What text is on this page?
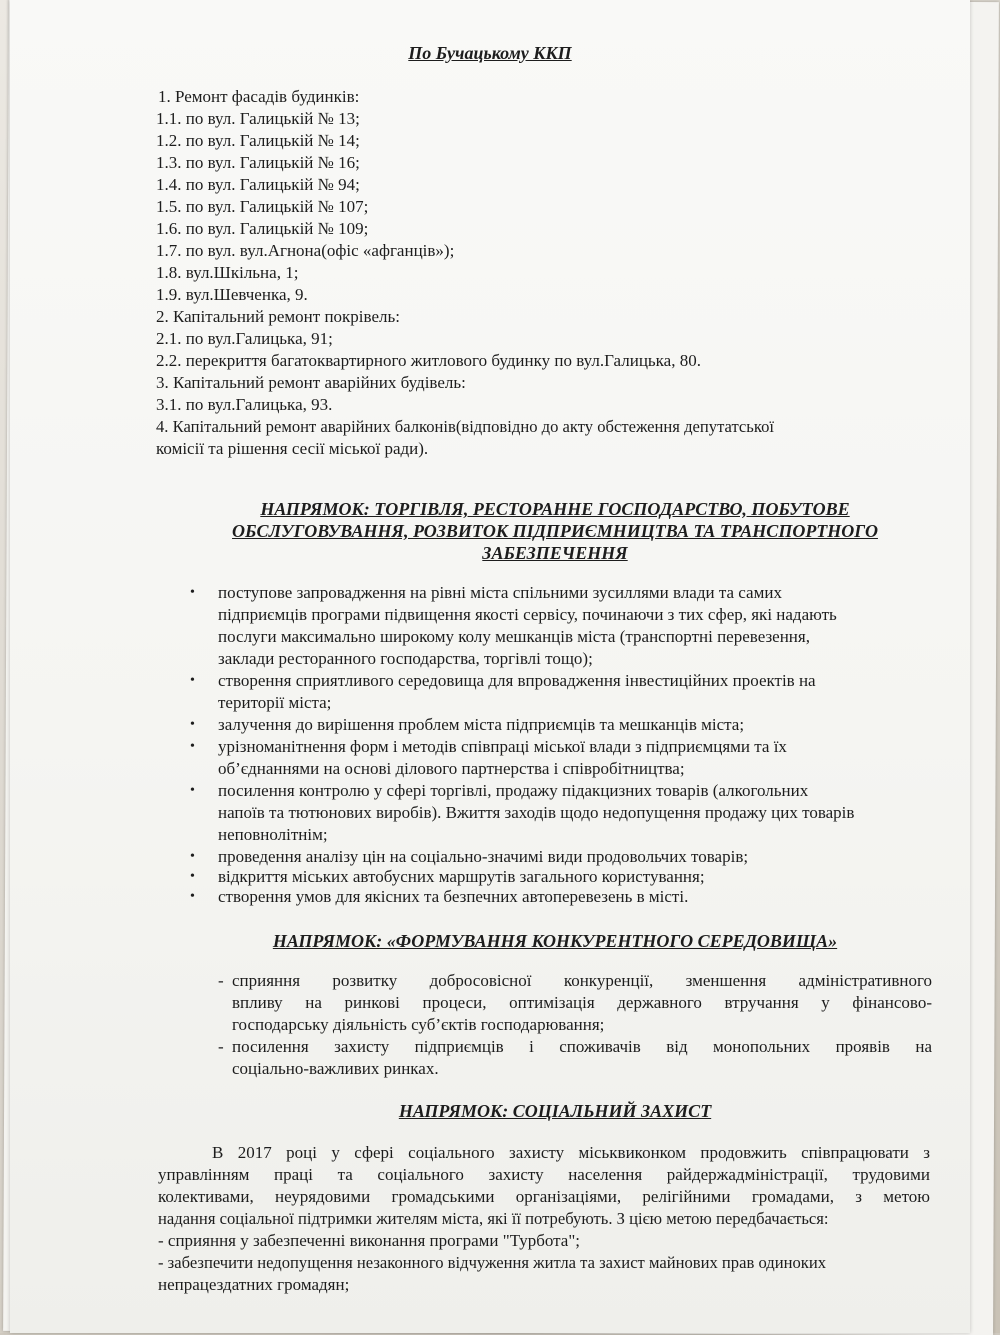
По Бучацькому ККП
1. Ремонт фасадів будинків:
1.1. по вул. Галицькій № 13;
1.2. по вул. Галицькій № 14;
1.3. по вул. Галицькій № 16;
1.4. по вул. Галицькій № 94;
1.5. по вул. Галицькій № 107;
1.6. по вул. Галицькій № 109;
1.7. по вул. вул.Агнона(офіс «афганців»);
1.8. вул.Шкільна, 1;
1.9. вул.Шевченка, 9.
2. Капітальний ремонт покрівель:
2.1. по вул.Галицька, 91;
2.2. перекриття багатоквартирного житлового будинку по вул.Галицька, 80.
3. Капітальний ремонт аварійних будівель:
3.1. по вул.Галицька, 93.
4. Капітальний ремонт аварійних балконів(відповідно до акту обстеження депутатської
комісії та рішення сесії міської ради).
НАПРЯМОК: ТОРГІВЛЯ, РЕСТОРАННЕ ГОСПОДАРСТВО, ПОБУТОВЕ
ОБСЛУГОВУВАННЯ, РОЗВИТОК ПІДПРИЄМНИЦТВА ТА ТРАНСПОРТНОГО
ЗАБЕЗПЕЧЕННЯ
• поступове запровадження на рівні міста спільними зусиллями влади та самих
підприємців програми підвищення якості сервісу, починаючи з тих сфер, які надають
послуги максимально широкому колу мешканців міста (транспортні перевезення,
заклади ресторанного господарства, торгівлі тощо);
• створення сприятливого середовища для впровадження інвестиційних проектів на
території міста;
• залучення до вирішення проблем міста підприємців та мешканців міста;
• урізноманітнення форм і методів співпраці міської влади з підприємцями та їх
об’єднаннями на основі ділового партнерства і співробітництва;
• посилення контролю у сфері торгівлі, продажу підакцизних товарів (алкогольних
напоїв та тютюнових виробів). Вжиття заходів щодо недопущення продажу цих товарів
неповнолітнім;
• проведення аналізу цін на соціально-значимі види продовольчих товарів;
• відкриття міських автобусних маршрутів загального користування;
• створення умов для якісних та безпечних автоперевезень в місті.
НАПРЯМОК: «ФОРМУВАННЯ КОНКУРЕНТНОГО СЕРЕДОВИЩА»
- сприяння розвитку добросовісної конкуренції, зменшення адміністративного
впливу на ринкові процеси, оптимізація державного втручання у фінансово-
господарську діяльність суб’єктів господарювання;
- посилення захисту підприємців і споживачів від монопольних проявів на
соціально-важливих ринках.
НАПРЯМОК: СОЦІАЛЬНИЙ ЗАХИСТ
В 2017 році у сфері соціального захисту міськвиконком продовжить співпрацювати з
управлінням праці та соціального захисту населення райдержадміністрації, трудовими
колективами, неурядовими громадськими організаціями, релігійними громадами, з метою
надання соціальної підтримки жителям міста, які її потребують. З цією метою передбачається:
- сприяння у забезпеченні виконання програми "Турбота";
- забезпечити недопущення незаконного відчуження житла та захист майнових прав одиноких
непрацездатних громадян;
